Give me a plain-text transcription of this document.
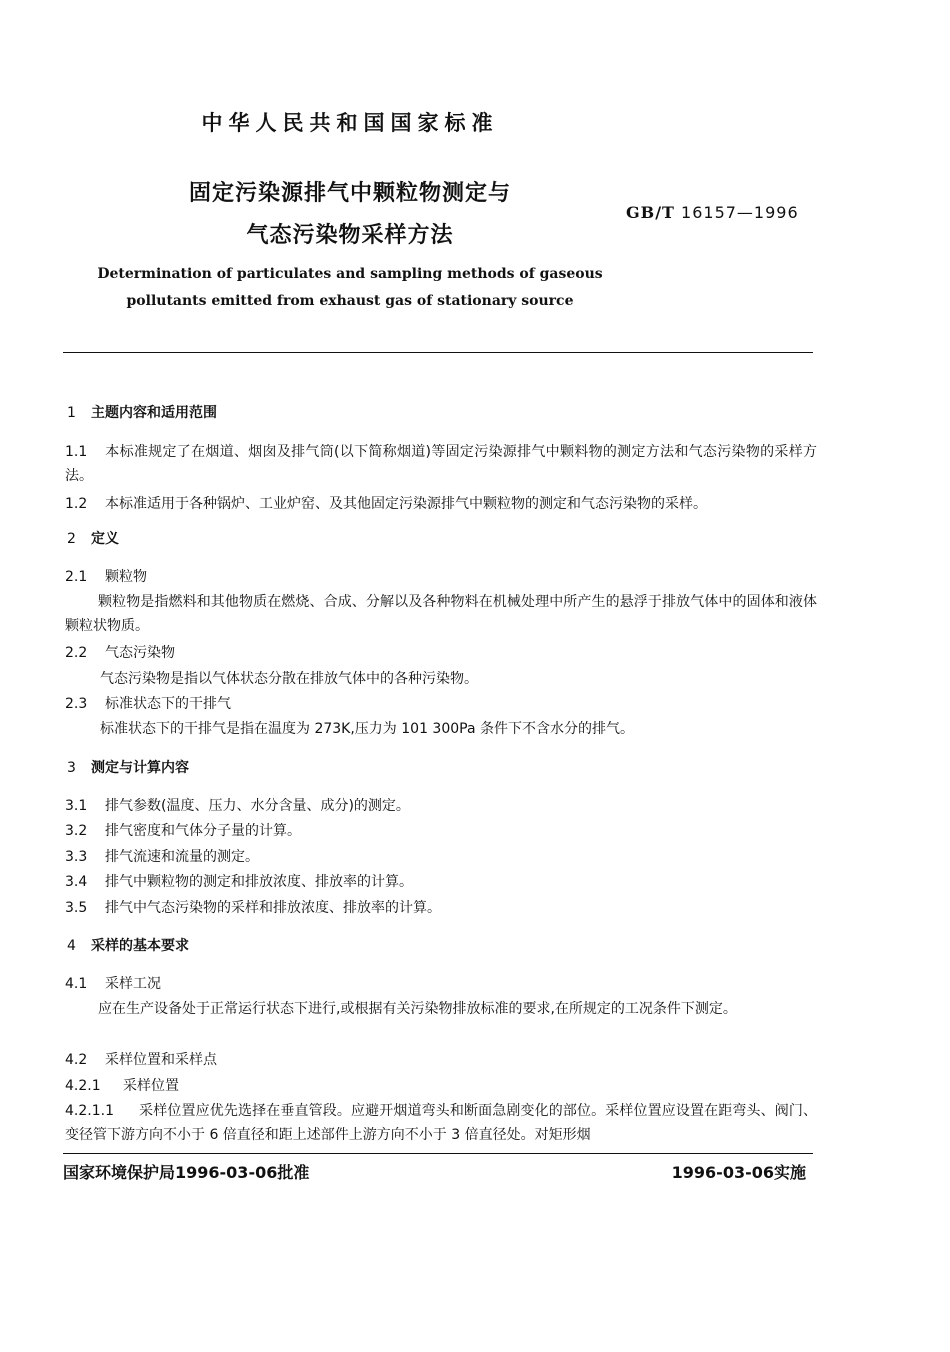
中华人民共和国国家标准
固定污染源排气中颗粒物测定与
气态污染物采样方法
GB/T 16157—1996
Determination of particulates and sampling methods of gaseous
pollutants emitted from exhaust gas of stationary source
1 主题内容和适用范围
1.1 本标准规定了在烟道、烟囱及排气筒(以下简称烟道)等固定污染源排气中颗料物的测定方法和气态污染物的采样方法。
1.2 本标准适用于各种锅炉、工业炉窑、及其他固定污染源排气中颗粒物的测定和气态污染物的采样。
2 定义
2.1 颗粒物
颗粒物是指燃料和其他物质在燃烧、合成、分解以及各种物料在机械处理中所产生的悬浮于排放气体中的固体和液体颗粒状物质。
2.2 气态污染物
气态污染物是指以气体状态分散在排放气体中的各种污染物。
2.3 标准状态下的干排气
标准状态下的干排气是指在温度为 273K,压力为 101 300Pa 条件下不含水分的排气。
3 测定与计算内容
3.1 排气参数(温度、压力、水分含量、成分)的测定。
3.2 排气密度和气体分子量的计算。
3.3 排气流速和流量的测定。
3.4 排气中颗粒物的测定和排放浓度、排放率的计算。
3.5 排气中气态污染物的采样和排放浓度、排放率的计算。
4 采样的基本要求
4.1 采样工况
应在生产设备处于正常运行状态下进行,或根据有关污染物排放标准的要求,在所规定的工况条件下测定。
4.2 采样位置和采样点
4.2.1 采样位置
4.2.1.1 采样位置应优先选择在垂直管段。应避开烟道弯头和断面急剧变化的部位。采样位置应设置在距弯头、阀门、变径管下游方向不小于 6 倍直径和距上述部件上游方向不小于 3 倍直径处。对矩形烟
国家环境保护局1996-03-06批准	1996-03-06实施
